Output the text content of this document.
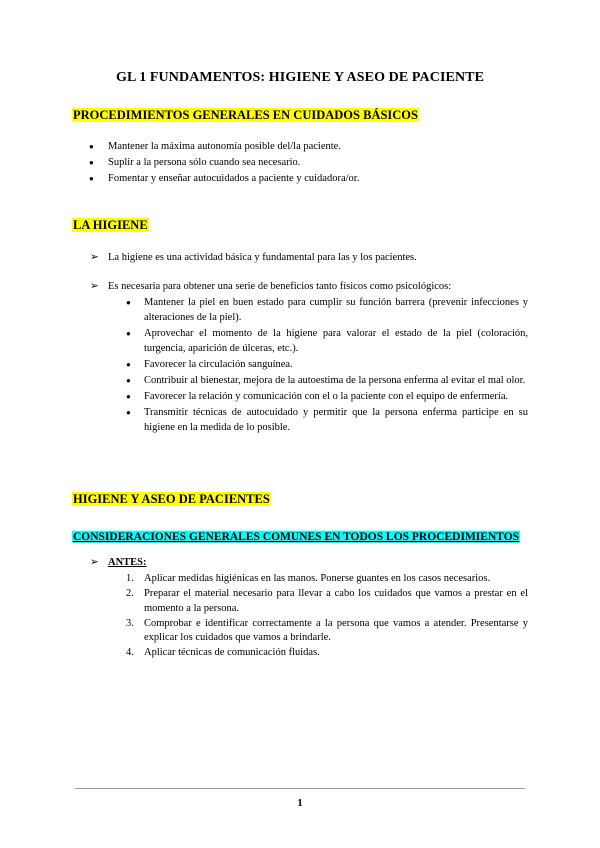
GL 1 FUNDAMENTOS: HIGIENE Y ASEO DE PACIENTE
PROCEDIMIENTOS GENERALES EN CUIDADOS BÁSICOS
● Mantener la máxima autonomía posible del/la paciente.
● Suplir a la persona sólo cuando sea necesario.
● Fomentar y enseñar autocuidados a paciente y cuidadora/or.
LA HIGIENE
➢ La higiene es una actividad básica y fundamental para las y los pacientes.
➢ Es necesaria para obtener una serie de beneficios tanto físicos como psicológicos:
● Mantener la piel en buen estado para cumplir su función barrera (prevenir infecciones y alteraciones de la piel).
● Aprovechar el momento de la higiene para valorar el estado de la piel (coloración, turgencia, aparición de úlceras, etc.).
● Favorecer la circulación sanguínea.
● Contribuir al bienestar, mejora de la autoestima de la persona enferma al evitar el mal olor.
● Favorecer la relación y comunicación con el o la paciente con el equipo de enfermería.
● Transmitir técnicas de autocuidado y permitir que la persona enferma participe en su higiene en la medida de lo posible.
HIGIENE Y ASEO DE PACIENTES
CONSIDERACIONES GENERALES COMUNES EN TODOS LOS PROCEDIMIENTOS
➢ ANTES:
1. Aplicar medidas higiénicas en las manos. Ponerse guantes en los casos necesarios.
2. Preparar el material necesario para llevar a cabo los cuidados que vamos a prestar en el momento a la persona.
3. Comprobar e identificar correctamente a la persona que vamos a atender. Presentarse y explicar los cuidados que vamos a brindarle.
4. Aplicar técnicas de comunicación fluidas.
1
